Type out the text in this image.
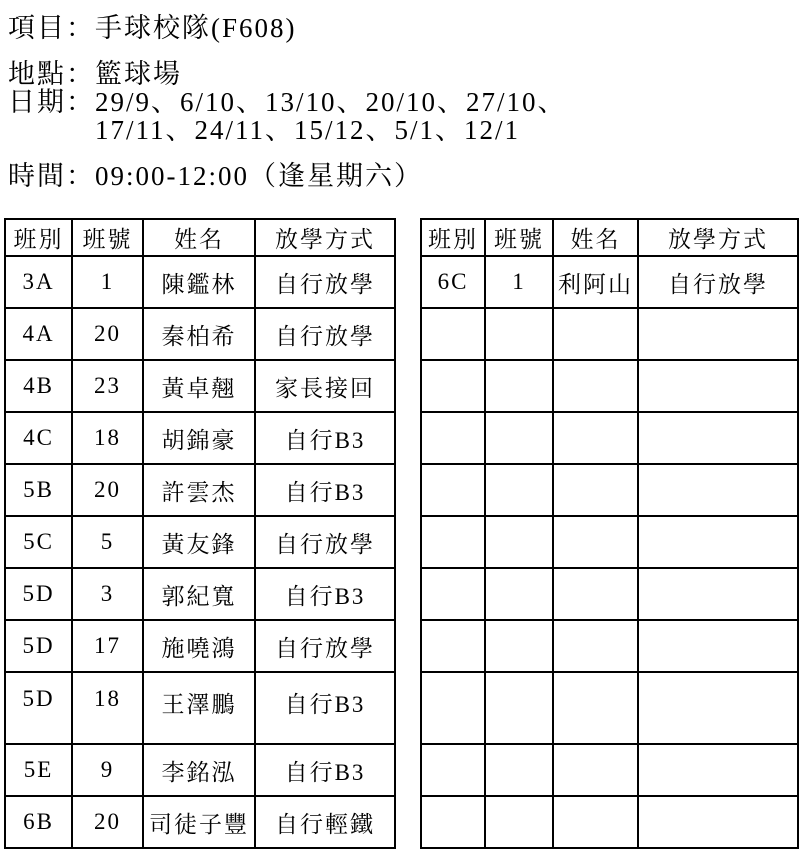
項目： 手球校隊(F608)
地點： 籃球場
日期： 29/9、6/10、13/10、20/10、27/10、
17/11、24/11、15/12、5/1、12/1
時間： 09:00-12:00（逢星期六）
班別	班號	姓名	放學方式
3A	1	陳鑑林	自行放學
4A	20	秦柏希	自行放學
4B	23	黃卓翹	家長接回
4C	18	胡錦豪	自行B3
5B	20	許雲杰	自行B3
5C	5	黃友鋒	自行放學
5D	3	郭紀寬	自行B3
5D	17	施嘵鴻	自行放學
5D	18	王澤鵬	自行B3
5E	9	李銘泓	自行B3
6B	20	司徒子豐	自行輕鐵
班別	班號	姓名	放學方式
6C	1	利阿山	自行放學
